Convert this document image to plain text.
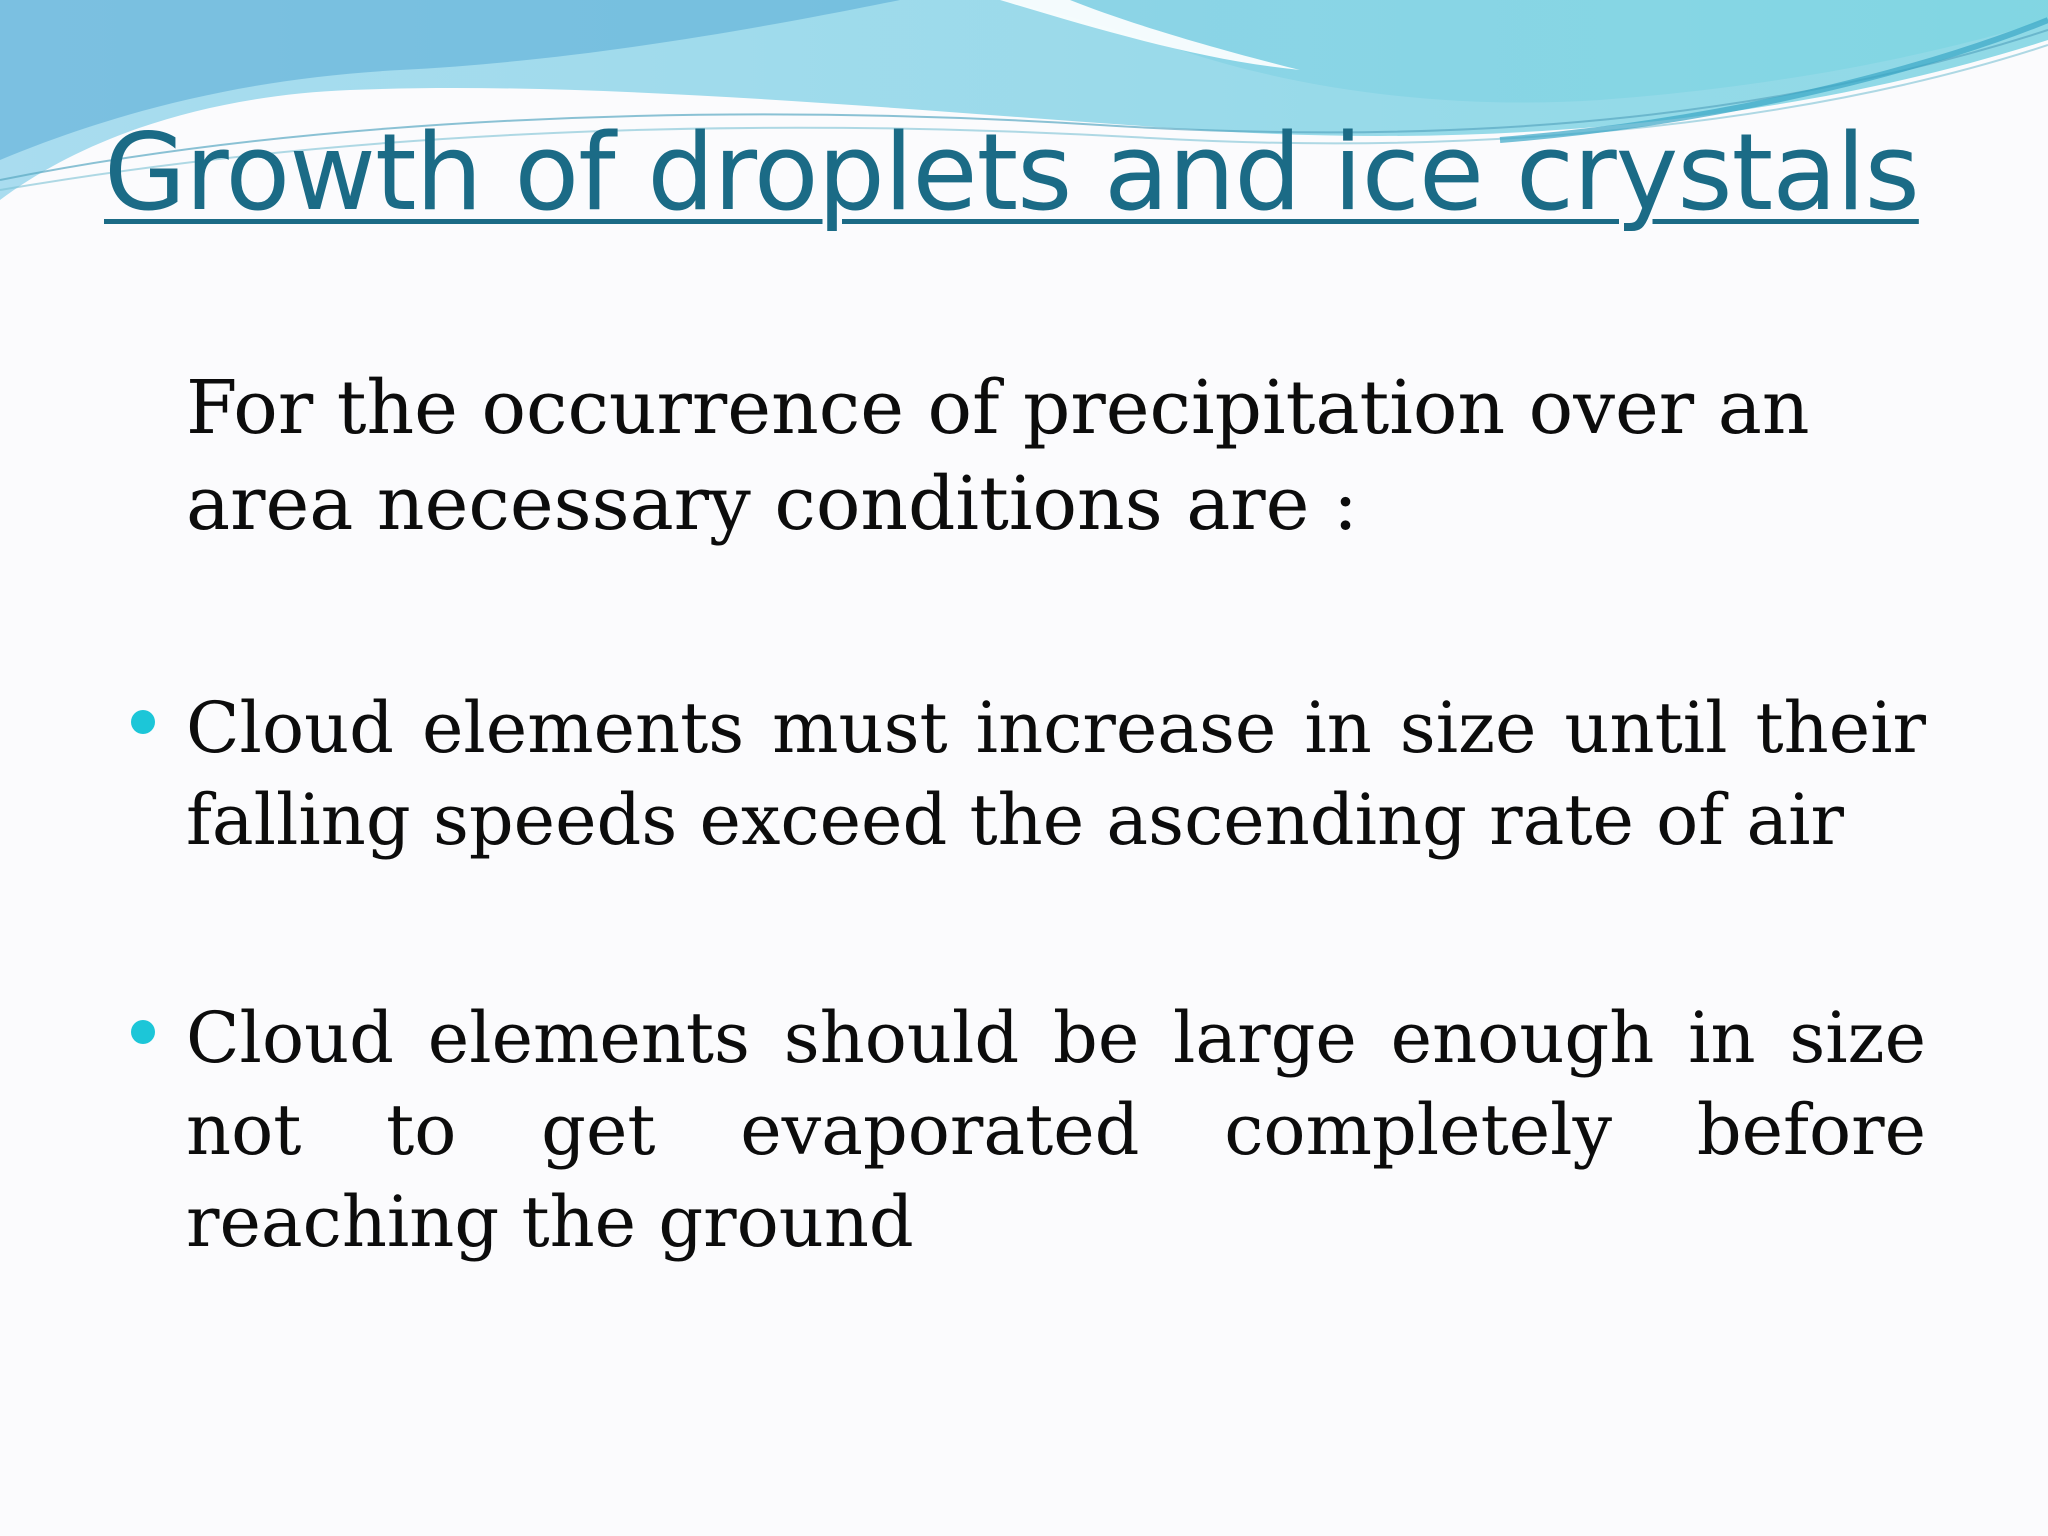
Growth of droplets and ice crystals

For the occurrence of precipitation over an area necessary conditions are :

Cloud elements must increase in size until their falling speeds exceed the ascending rate of air
Cloud elements should be large enough in size not to get evaporated completely before reaching the ground
